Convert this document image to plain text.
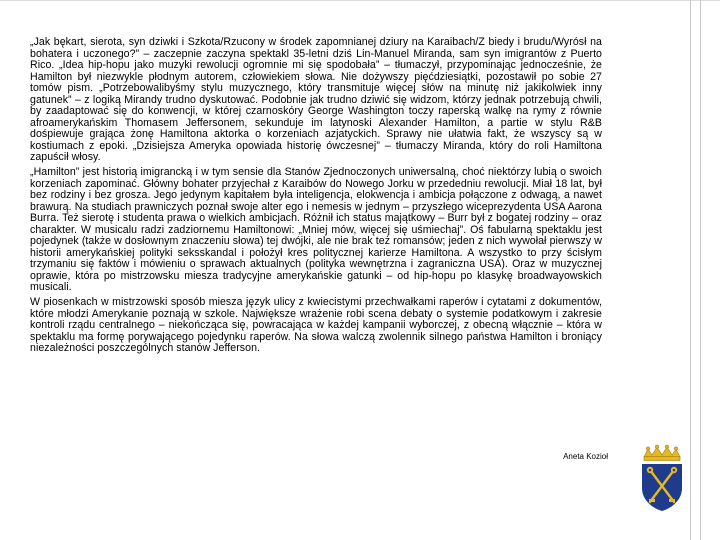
„Jak bękart, sierota, syn dziwki i Szkota/Rzucony w środek zapomnianej dziury na Karaibach/Z biedy i brudu/Wyrósł na bohatera i uczonego?” – zaczepnie zaczyna spektakl 35-letni dziś Lin-Manuel Miranda, sam syn imigrantów z Puerto Rico. „Idea hip-hopu jako muzyki rewolucji ogromnie mi się spodobała” – tłumaczył, przypominając jednocześnie, że Hamilton był niezwykle płodnym autorem, człowiekiem słowa. Nie dożywszy pięćdziesiątki, pozostawił po sobie 27 tomów pism. „Potrzebowalibyśmy stylu muzycznego, który transmituje więcej słów na minutę niż jakikolwiek inny gatunek” – z logiką Mirandy trudno dyskutować. Podobnie jak trudno dziwić się widzom, którzy jednak potrzebują chwili, by zaadaptować się do konwencji, w której czarnoskóry George Washington toczy raperską walkę na rymy z równie afroamerykańskim Thomasem Jeffersonem, sekunduje im latynoski Alexander Hamilton, a partie w stylu R&B dośpiewuje grająca żonę Hamiltona aktorka o korzeniach azjatyckich. Sprawy nie ułatwia fakt, że wszyscy są w kostiumach z epoki. „Dzisiejsza Ameryka opowiada historię ówczesnej” – tłumaczy Miranda, który do roli Hamiltona zapuścił włosy.

„Hamilton” jest historią imigrancką i w tym sensie dla Stanów Zjednoczonych uniwersalną, choć niektórzy lubią o swoich korzeniach zapominać. Główny bohater przyjechał z Karaibów do Nowego Jorku w przededniu rewolucji. Miał 18 lat, był bez rodziny i bez grosza. Jego jedynym kapitałem była inteligencja, elokwencja i ambicja połączone z odwagą, a nawet brawurą. Na studiach prawniczych poznał swoje alter ego i nemesis w jednym – przyszłego wiceprezydenta USA Aarona Burra. Też sierotę i studenta prawa o wielkich ambicjach. Różnił ich status majątkowy – Burr był z bogatej rodziny – oraz charakter. W musicalu radzi zadziornemu Hamiltonowi: „Mniej mów, więcej się uśmiechaj”. Oś fabularną spektaklu jest pojedynek (także w dosłownym znaczeniu słowa) tej dwójki, ale nie brak też romansów; jeden z nich wywołał pierwszy w historii amerykańskiej polityki seksskandal i położył kres politycznej karierze Hamiltona. A wszystko to przy ścisłym trzymaniu się faktów i mówieniu o sprawach aktualnych (polityka wewnętrzna i zagraniczna USA). Oraz w muzycznej oprawie, która po mistrzowsku miesza tradycyjne amerykańskie gatunki – od hip-hopu po klasykę broadwayowskich musicali.

W piosenkach w mistrzowski sposób miesza język ulicy z kwiecistymi przechwałkami raperów i cytatami z dokumentów, które młodzi Amerykanie poznają w szkole. Największe wrażenie robi scena debaty o systemie podatkowym i zakresie kontroli rządu centralnego – niekończąca się, powracająca w każdej kampanii wyborczej, z obecną włącznie – która w spektaklu ma formę porywającego pojedynku raperów. Na słowa walczą zwolennik silnego państwa Hamilton i broniący niezależności poszczególnych stanów Jefferson.

Aneta Kozioł
